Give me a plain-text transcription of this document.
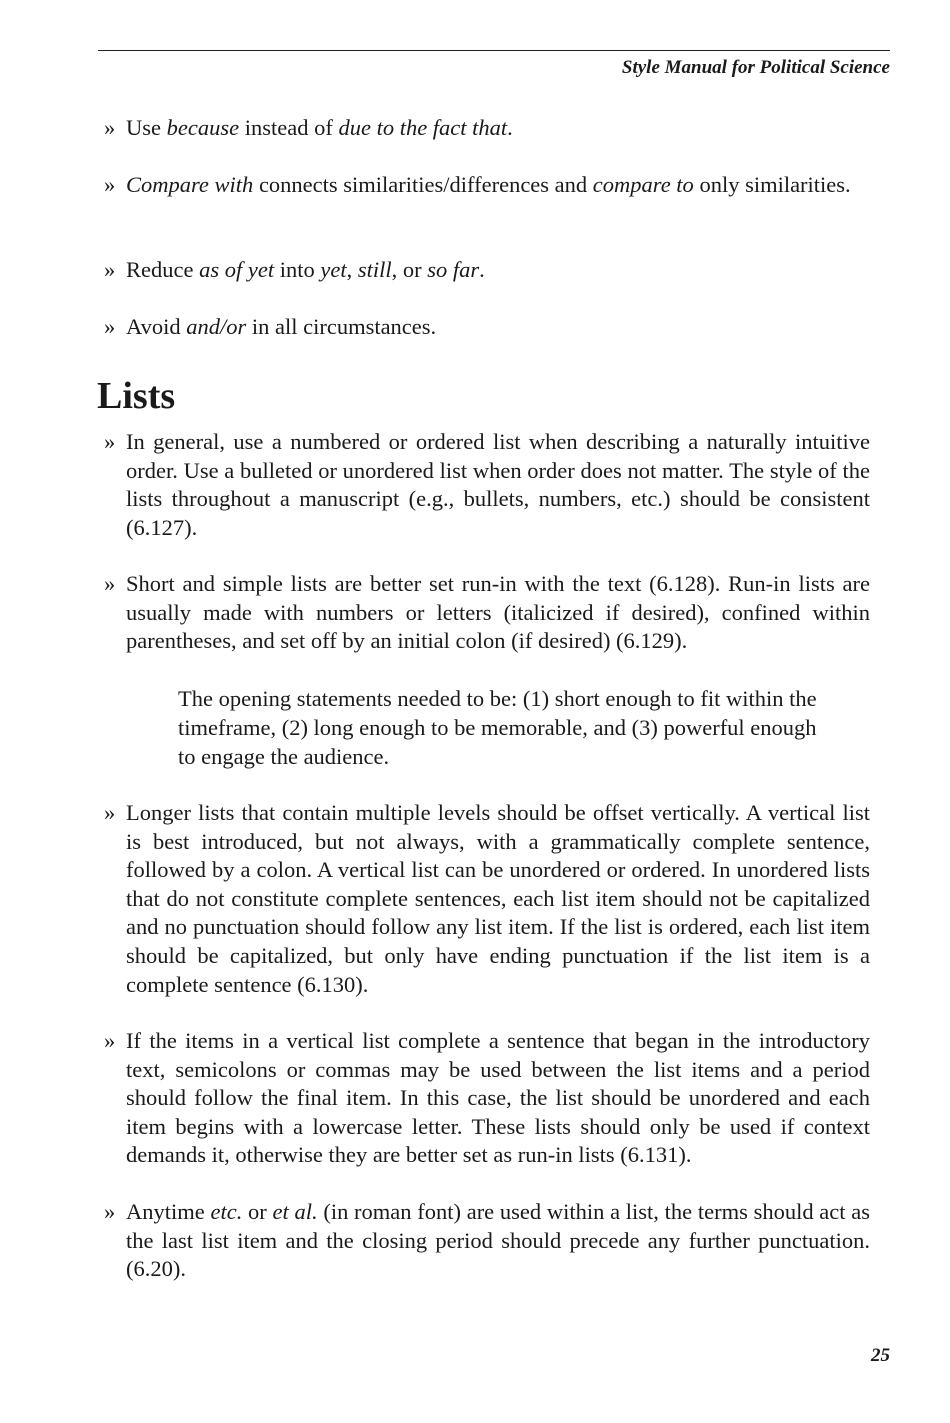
Style Manual for Political Science
» Use because instead of due to the fact that.
» Compare with connects similarities/differences and compare to only similarities.
» Reduce as of yet into yet, still, or so far.
» Avoid and/or in all circumstances.
Lists
» In general, use a numbered or ordered list when describing a naturally intuitive order. Use a bulleted or unordered list when order does not matter. The style of the lists throughout a manuscript (e.g., bullets, numbers, etc.) should be consistent (6.127).
» Short and simple lists are better set run-in with the text (6.128). Run-in lists are usually made with numbers or letters (italicized if desired), confined within parentheses, and set off by an initial colon (if desired) (6.129).
The opening statements needed to be: (1) short enough to fit within the timeframe, (2) long enough to be memorable, and (3) powerful enough to engage the audience.
» Longer lists that contain multiple levels should be offset vertically. A vertical list is best introduced, but not always, with a grammatically complete sentence, followed by a colon. A vertical list can be unordered or ordered. In unordered lists that do not constitute complete sentences, each list item should not be capitalized and no punctuation should follow any list item. If the list is ordered, each list item should be capitalized, but only have ending punctuation if the list item is a complete sentence (6.130).
» If the items in a vertical list complete a sentence that began in the introductory text, semicolons or commas may be used between the list items and a period should follow the final item. In this case, the list should be unordered and each item begins with a lowercase letter. These lists should only be used if context demands it, otherwise they are better set as run-in lists (6.131).
» Anytime etc. or et al. (in roman font) are used within a list, the terms should act as the last list item and the closing period should precede any further punctuation. (6.20).
25
